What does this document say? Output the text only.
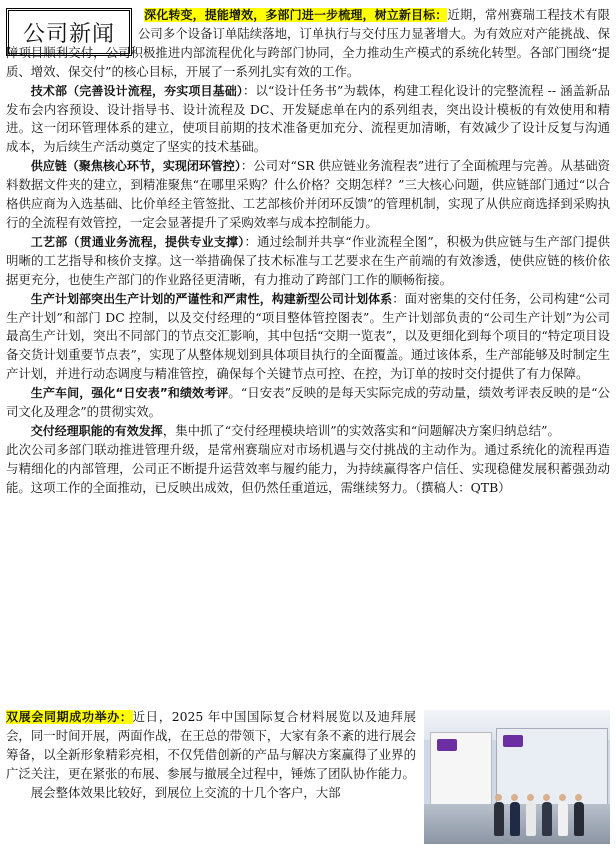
公司新闻

深化转变，提能增效，多部门进一步梳理，树立新目标：近期，常州赛瑞工程技术有限公司多个设备订单陆续落地，订单执行与交付压力显著增大。为有效应对产能挑战、保障项目顺利交付，公司积极推进内部流程优化与跨部门协同，全力推动生产模式的系统化转型。各部门围绕“提质、增效、保交付”的核心目标，开展了一系列扎实有效的工作。

技术部（完善设计流程，夯实项目基础）：以“设计任务书”为载体，构建工程化设计的完整流程 -- 涵盖新品发布会内容预设、设计指导书、设计流程及 DC、开发疑虑单在内的系列组表，突出设计模板的有效使用和精进。这一闭环管理体系的建立，使项目前期的技术准备更加充分、流程更加清晰，有效减少了设计反复与沟通成本，为后续生产活动奠定了坚实的技术基础。

供应链（聚焦核心环节，实现闭环管控）：公司对“SR 供应链业务流程表”进行了全面梳理与完善。从基础资料数据文件夹的建立，到精准聚焦“在哪里采购？什么价格？交期怎样？”三大核心问题，供应链部门通过“以合格供应商为入选基础、比价单经主管签批、工艺部核价并闭环反馈”的管理机制，实现了从供应商选择到采购执行的全流程有效管控，一定会显著提升了采购效率与成本控制能力。

工艺部（贯通业务流程，提供专业支撑）：通过绘制并共享“作业流程全图”，积极为供应链与生产部门提供明晰的工艺指导和核价支撑。这一举措确保了技术标准与工艺要求在生产前端的有效渗透，使供应链的核价依据更充分，也使生产部门的作业路径更清晰，有力推动了跨部门工作的顺畅衔接。

生产计划部突出生产计划的严谨性和严肃性，构建新型公司计划体系：面对密集的交付任务，公司构建“公司生产计划”和部门 DC 控制，以及交付经理的“项目整体管控图表”。生产计划部负责的“公司生产计划”为公司最高生产计划，突出不同部门的节点交汇影响，其中包括“交期一览表”，以及更细化到每个项目的“特定项目设备交货计划重要节点表”，实现了从整体规划到具体项目执行的全面覆盖。通过该体系，生产部能够及时制定生产计划，并进行动态调度与精准管控，确保每个关键节点可控、在控，为订单的按时交付提供了有力保障。

生产车间，强化“日安表”和绩效考评。“日安表”反映的是每天实际完成的劳动量，绩效考评表反映的是“公司文化及理念”的贯彻实效。

交付经理职能的有效发挥，集中抓了“交付经理模块培训”的实效落实和“问题解决方案归纳总结”。

此次公司多部门联动推进管理升级，是常州赛瑞应对市场机遇与交付挑战的主动作为。通过系统化的流程再造与精细化的内部管理，公司正不断提升运营效率与履约能力，为持续赢得客户信任、实现稳健发展积蓄强劲动能。这项工作的全面推动，已反映出成效，但仍然任重道远，需继续努力。（撰稿人：QTB）

双展会同期成功举办：近日，2025 年中国国际复合材料展览以及迪拜展会，同一时间开展，两面作战，在王总的带领下，大家有条不紊的进行展会筹备，以全新形象精彩亮相，不仅凭借创新的产品与解决方案赢得了业界的广泛关注，更在紧张的布展、参展与撤展全过程中，锤炼了团队协作能力。

展会整体效果比较好，到展位上交流的十几个客户，大部
